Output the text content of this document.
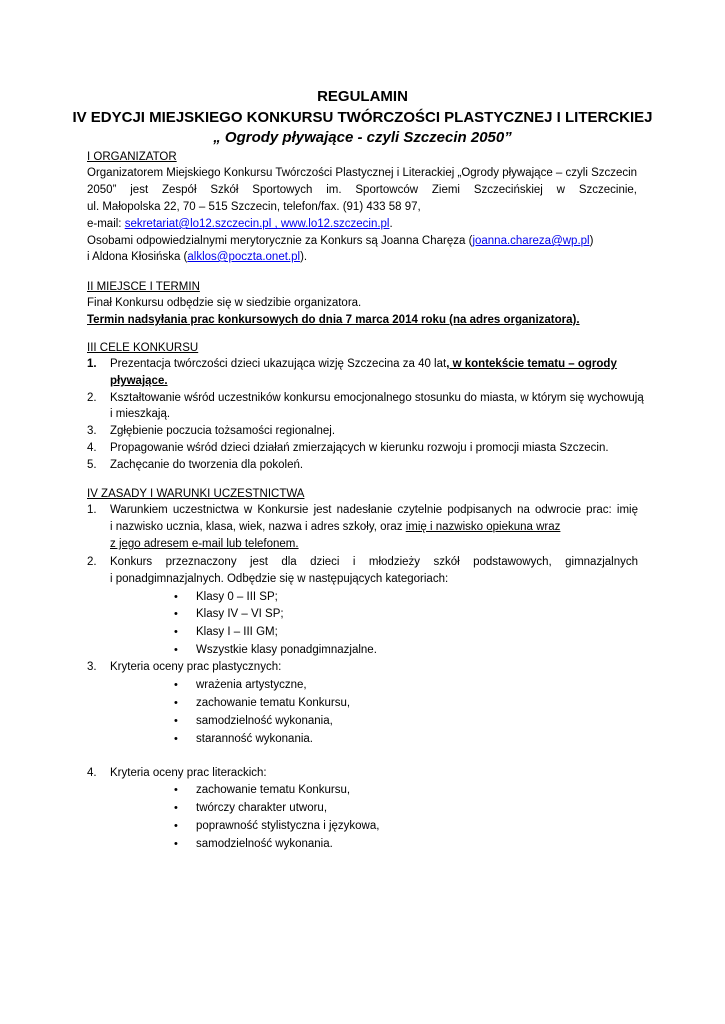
REGULAMIN
IV EDYCJI MIEJSKIEGO KONKURSU TWÓRCZOŚCI PLASTYCZNEJ I LITERCKIEJ
„ Ogrody pływające - czyli Szczecin 2050”
I ORGANIZATOR
Organizatorem Miejskiego Konkursu Twórczości Plastycznej i Literackiej „Ogrody pływające – czyli Szczecin
2050” jest Zespół Szkół Sportowych im. Sportowców Ziemi Szczecińskiej w Szczecinie,
ul. Małopolska 22, 70 – 515 Szczecin, telefon/fax. (91) 433 58 97,
e-mail: sekretariat@lo12.szczecin.pl , www.lo12.szczecin.pl.
Osobami odpowiedzialnymi merytorycznie za Konkurs są Joanna Charęza (joanna.chareza@wp.pl)
i Aldona Kłosińska (alklos@poczta.onet.pl).
II MIEJSCE I TERMIN
Finał Konkursu odbędzie się w siedzibie organizatora.
Termin nadsyłania prac konkursowych do dnia 7 marca 2014 roku (na adres organizatora).
III CELE KONKURSU
1. Prezentacja twórczości dzieci ukazująca wizję Szczecina za 40 lat, w kontekście tematu – ogrody
pływające.
2. Kształtowanie wśród uczestników konkursu emocjonalnego stosunku do miasta, w którym się wychowują
i mieszkają.
3. Zgłębienie poczucia tożsamości regionalnej.
4. Propagowanie wśród dzieci działań zmierzających w kierunku rozwoju i promocji miasta Szczecin.
5. Zachęcanie do tworzenia dla pokoleń.
IV ZASADY I WARUNKI UCZESTNICTWA
1. Warunkiem uczestnictwa w Konkursie jest nadesłanie czytelnie podpisanych na odwrocie prac: imię
i nazwisko ucznia, klasa, wiek, nazwa i adres szkoły, oraz imię i nazwisko opiekuna wraz
z jego adresem e-mail lub telefonem.
2. Konkurs przeznaczony jest dla dzieci i młodzieży szkół podstawowych, gimnazjalnych
i ponadgimnazjalnych. Odbędzie się w następujących kategoriach:
• Klasy 0 – III SP;
• Klasy IV – VI SP;
• Klasy I – III GM;
• Wszystkie klasy ponadgimnazjalne.
3. Kryteria oceny prac plastycznych:
• wrażenia artystyczne,
• zachowanie tematu Konkursu,
• samodzielność wykonania,
• staranność wykonania.
4. Kryteria oceny prac literackich:
• zachowanie tematu Konkursu,
• twórczy charakter utworu,
• poprawność stylistyczna i językowa,
• samodzielność wykonania.
